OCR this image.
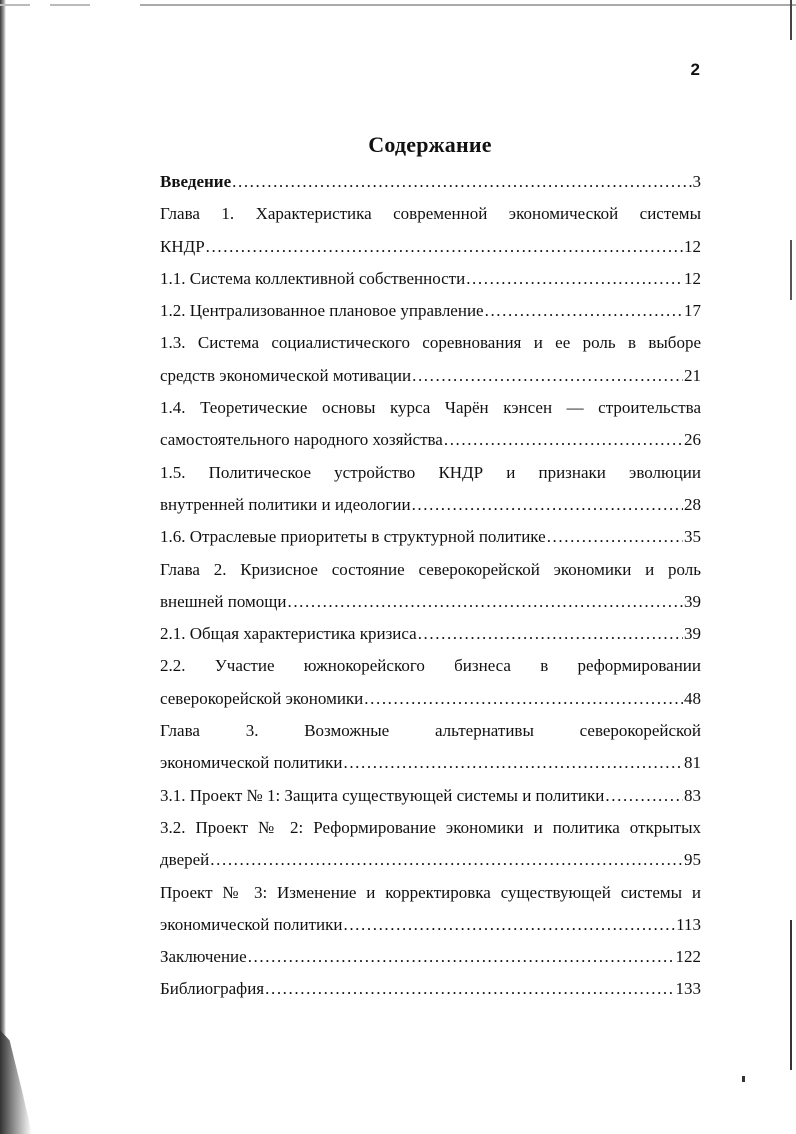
2
Содержание
Введение .....	3
Глава 1. Характеристика современной экономической системы
КНДР .....	12
1.1. Система коллективной собственности .....	12
1.2. Централизованное плановое управление .....	17
1.3. Система социалистического соревнования и ее роль в выборе
средств экономической мотивации .....	21
1.4. Теоретические основы курса Чарён кэнсен — строительства
самостоятельного народного хозяйства .....	26
1.5. Политическое устройство КНДР и признаки эволюции
внутренней политики и идеологии .....	28
1.6. Отраслевые приоритеты в структурной политике .....	35
Глава 2. Кризисное состояние северокорейской экономики и роль
внешней помощи .....	39
2.1. Общая характеристика кризиса .....	39
2.2. Участие южнокорейского бизнеса в реформировании
северокорейской экономики .....	48
Глава 3. Возможные альтернативы северокорейской
экономической политики .....	81
3.1. Проект № 1: Защита существующей системы и политики .....	83
3.2. Проект № 2: Реформирование экономики и политика открытых
дверей .....	95
Проект № 3: Изменение и корректировка существующей системы и
экономической политики .....	113
Заключение .....	122
Библиография .....	133
